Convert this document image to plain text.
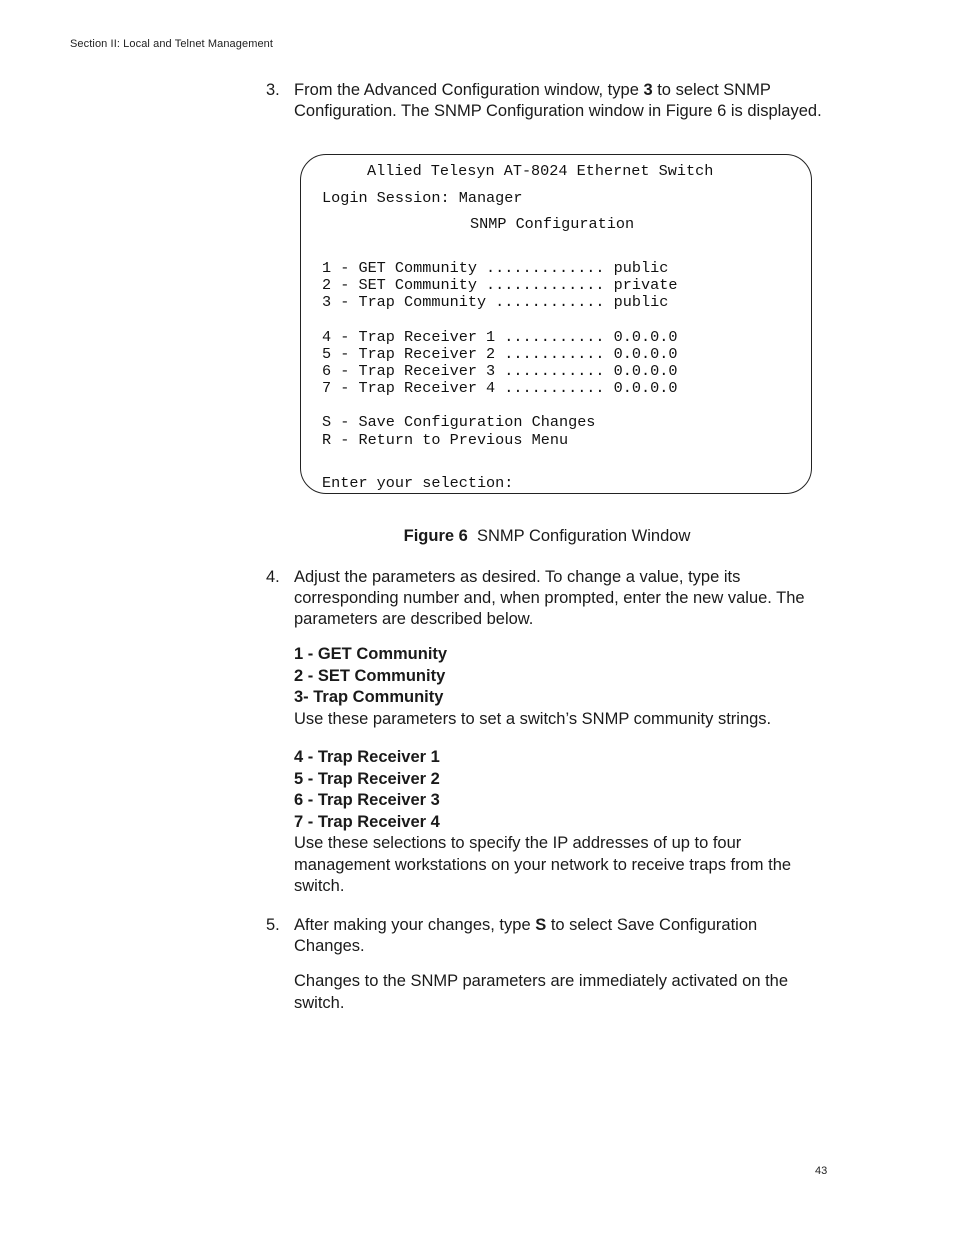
Section II: Local and Telnet Management
3. From the Advanced Configuration window, type 3 to select SNMP Configuration. The SNMP Configuration window in Figure 6 is displayed.
Allied Telesyn AT-8024 Ethernet Switch
Login Session: Manager
SNMP Configuration
1 - GET Community ............. public
2 - SET Community ............. private
3 - Trap Community ............ public
4 - Trap Receiver 1 ........... 0.0.0.0
5 - Trap Receiver 2 ........... 0.0.0.0
6 - Trap Receiver 3 ........... 0.0.0.0
7 - Trap Receiver 4 ........... 0.0.0.0
S - Save Configuration Changes
R - Return to Previous Menu
Enter your selection:
Figure 6 SNMP Configuration Window
4. Adjust the parameters as desired. To change a value, type its corresponding number and, when prompted, enter the new value. The parameters are described below.
1 - GET Community
2 - SET Community
3- Trap Community
Use these parameters to set a switch’s SNMP community strings.
4 - Trap Receiver 1
5 - Trap Receiver 2
6 - Trap Receiver 3
7 - Trap Receiver 4
Use these selections to specify the IP addresses of up to four management workstations on your network to receive traps from the switch.
5. After making your changes, type S to select Save Configuration Changes.
Changes to the SNMP parameters are immediately activated on the switch.
43
